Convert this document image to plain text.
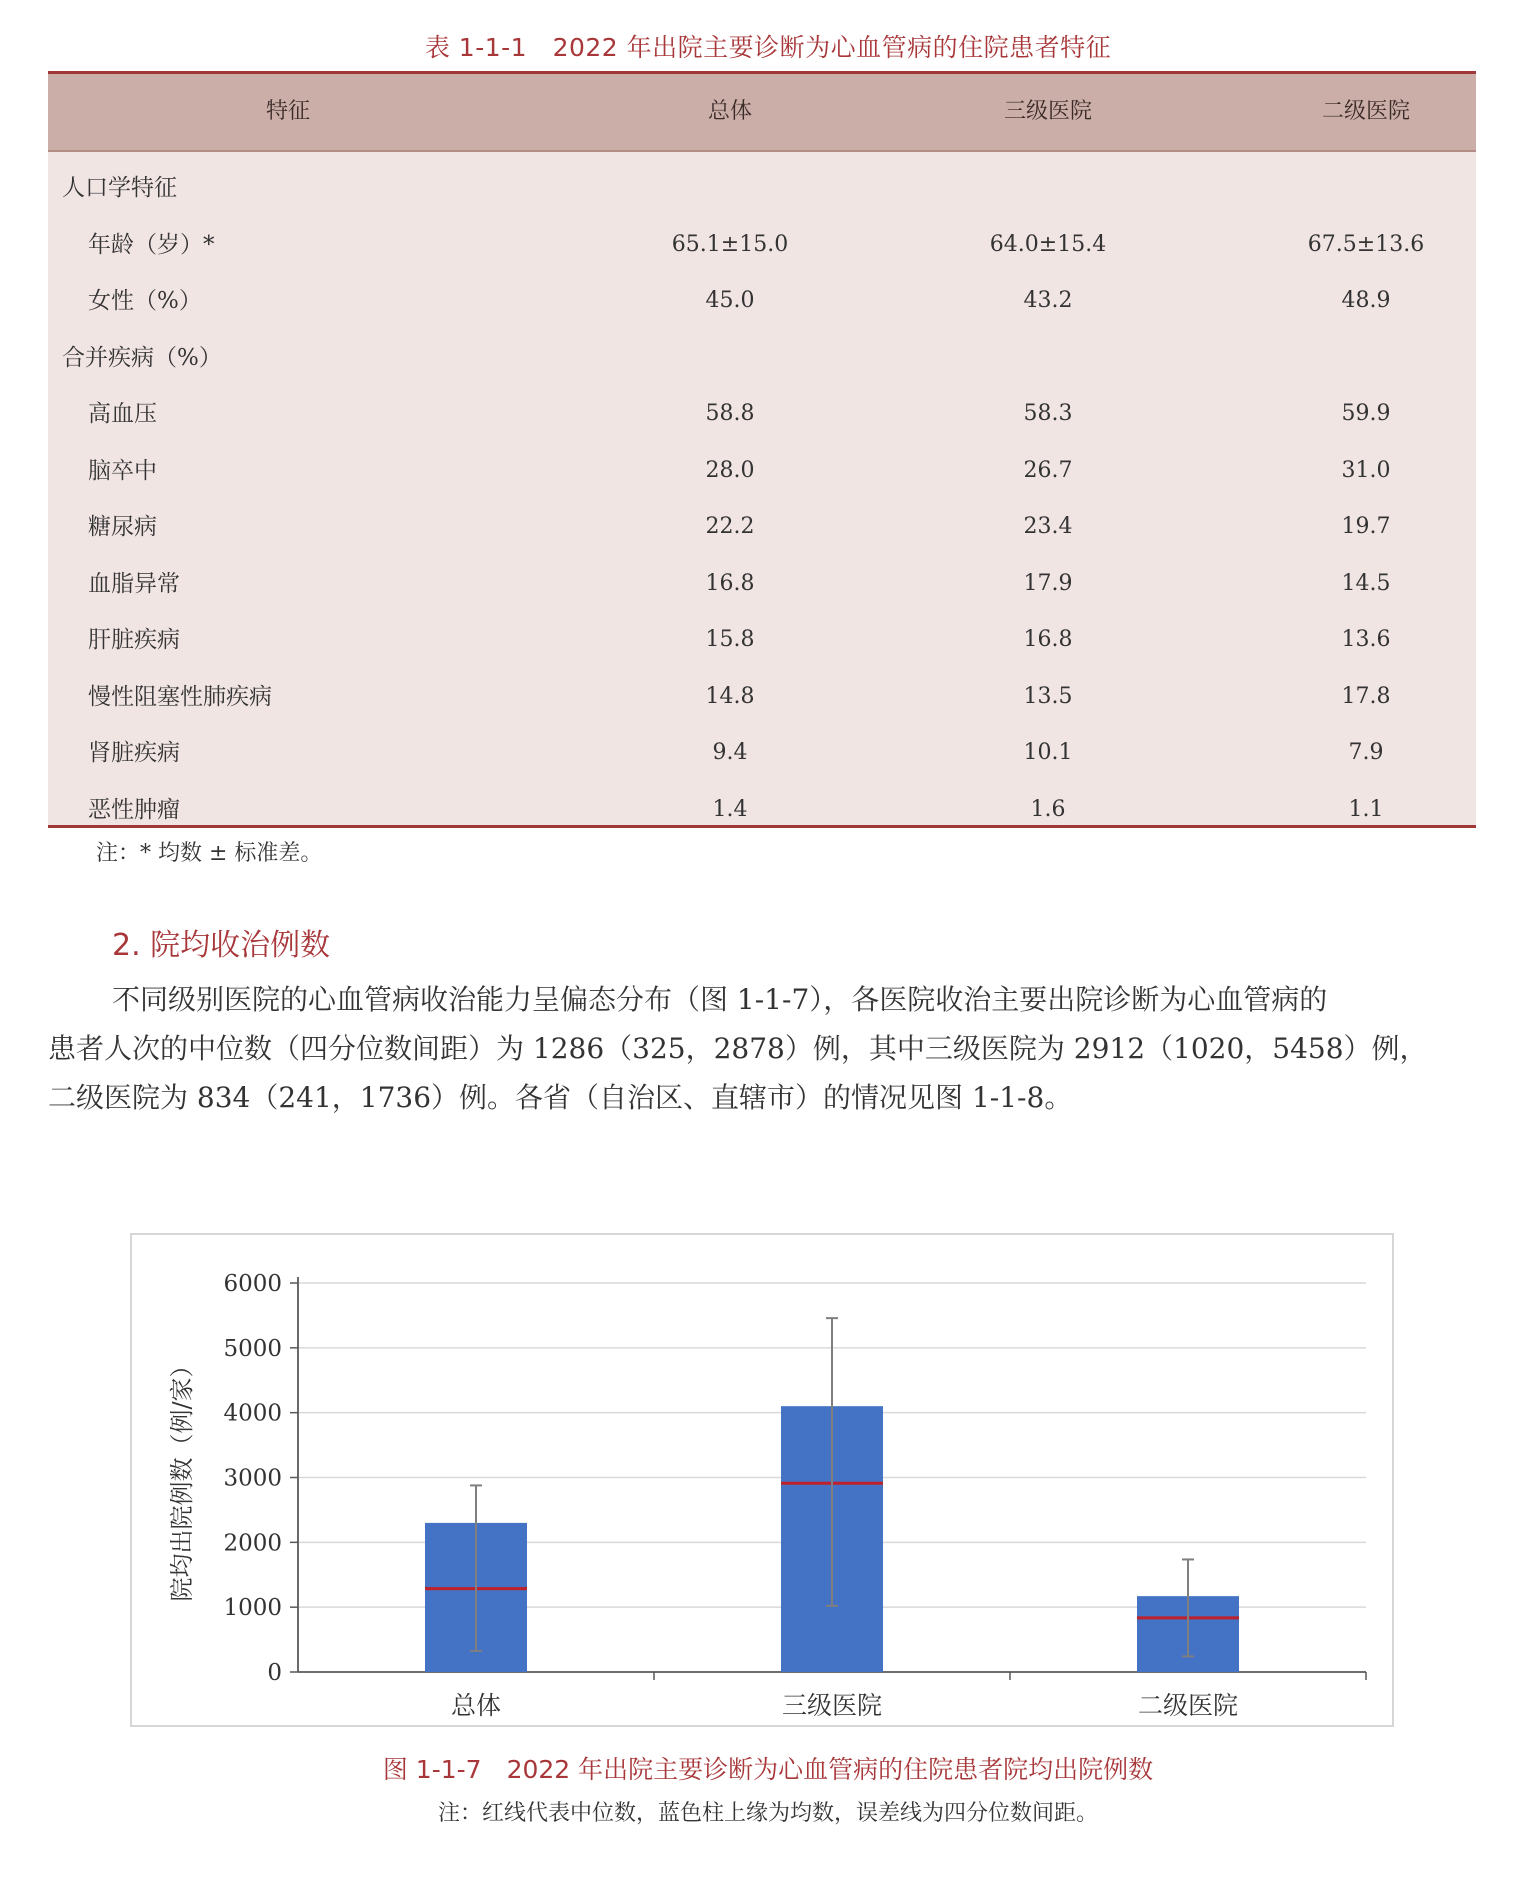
表 1-1-1　2022 年出院主要诊断为心血管病的住院患者特征
特征	总体	三级医院	二级医院
人口学特征
年龄（岁）*	65.1±15.0	64.0±15.4	67.5±13.6
女性（%）	45.0	43.2	48.9
合并疾病（%）
高血压	58.8	58.3	59.9
脑卒中	28.0	26.7	31.0
糖尿病	22.2	23.4	19.7
血脂异常	16.8	17.9	14.5
肝脏疾病	15.8	16.8	13.6
慢性阻塞性肺疾病	14.8	13.5	17.8
肾脏疾病	9.4	10.1	7.9
恶性肿瘤	1.4	1.6	1.1
注：* 均数 ± 标准差。
2. 院均收治例数
不同级别医院的心血管病收治能力呈偏态分布（图 1-1-7），各医院收治主要出院诊断为心血管病的
患者人次的中位数（四分位数间距）为 1286（325，2878）例，其中三级医院为 2912（1020，5458）例，
二级医院为 834（241，1736）例。各省（自治区、直辖市）的情况见图 1-1-8。
0
1000
2000
3000
4000
5000
6000
院均出院例数（例/家）
总体	三级医院	二级医院
图 1-1-7　2022 年出院主要诊断为心血管病的住院患者院均出院例数
注：红线代表中位数，蓝色柱上缘为均数，误差线为四分位数间距。
